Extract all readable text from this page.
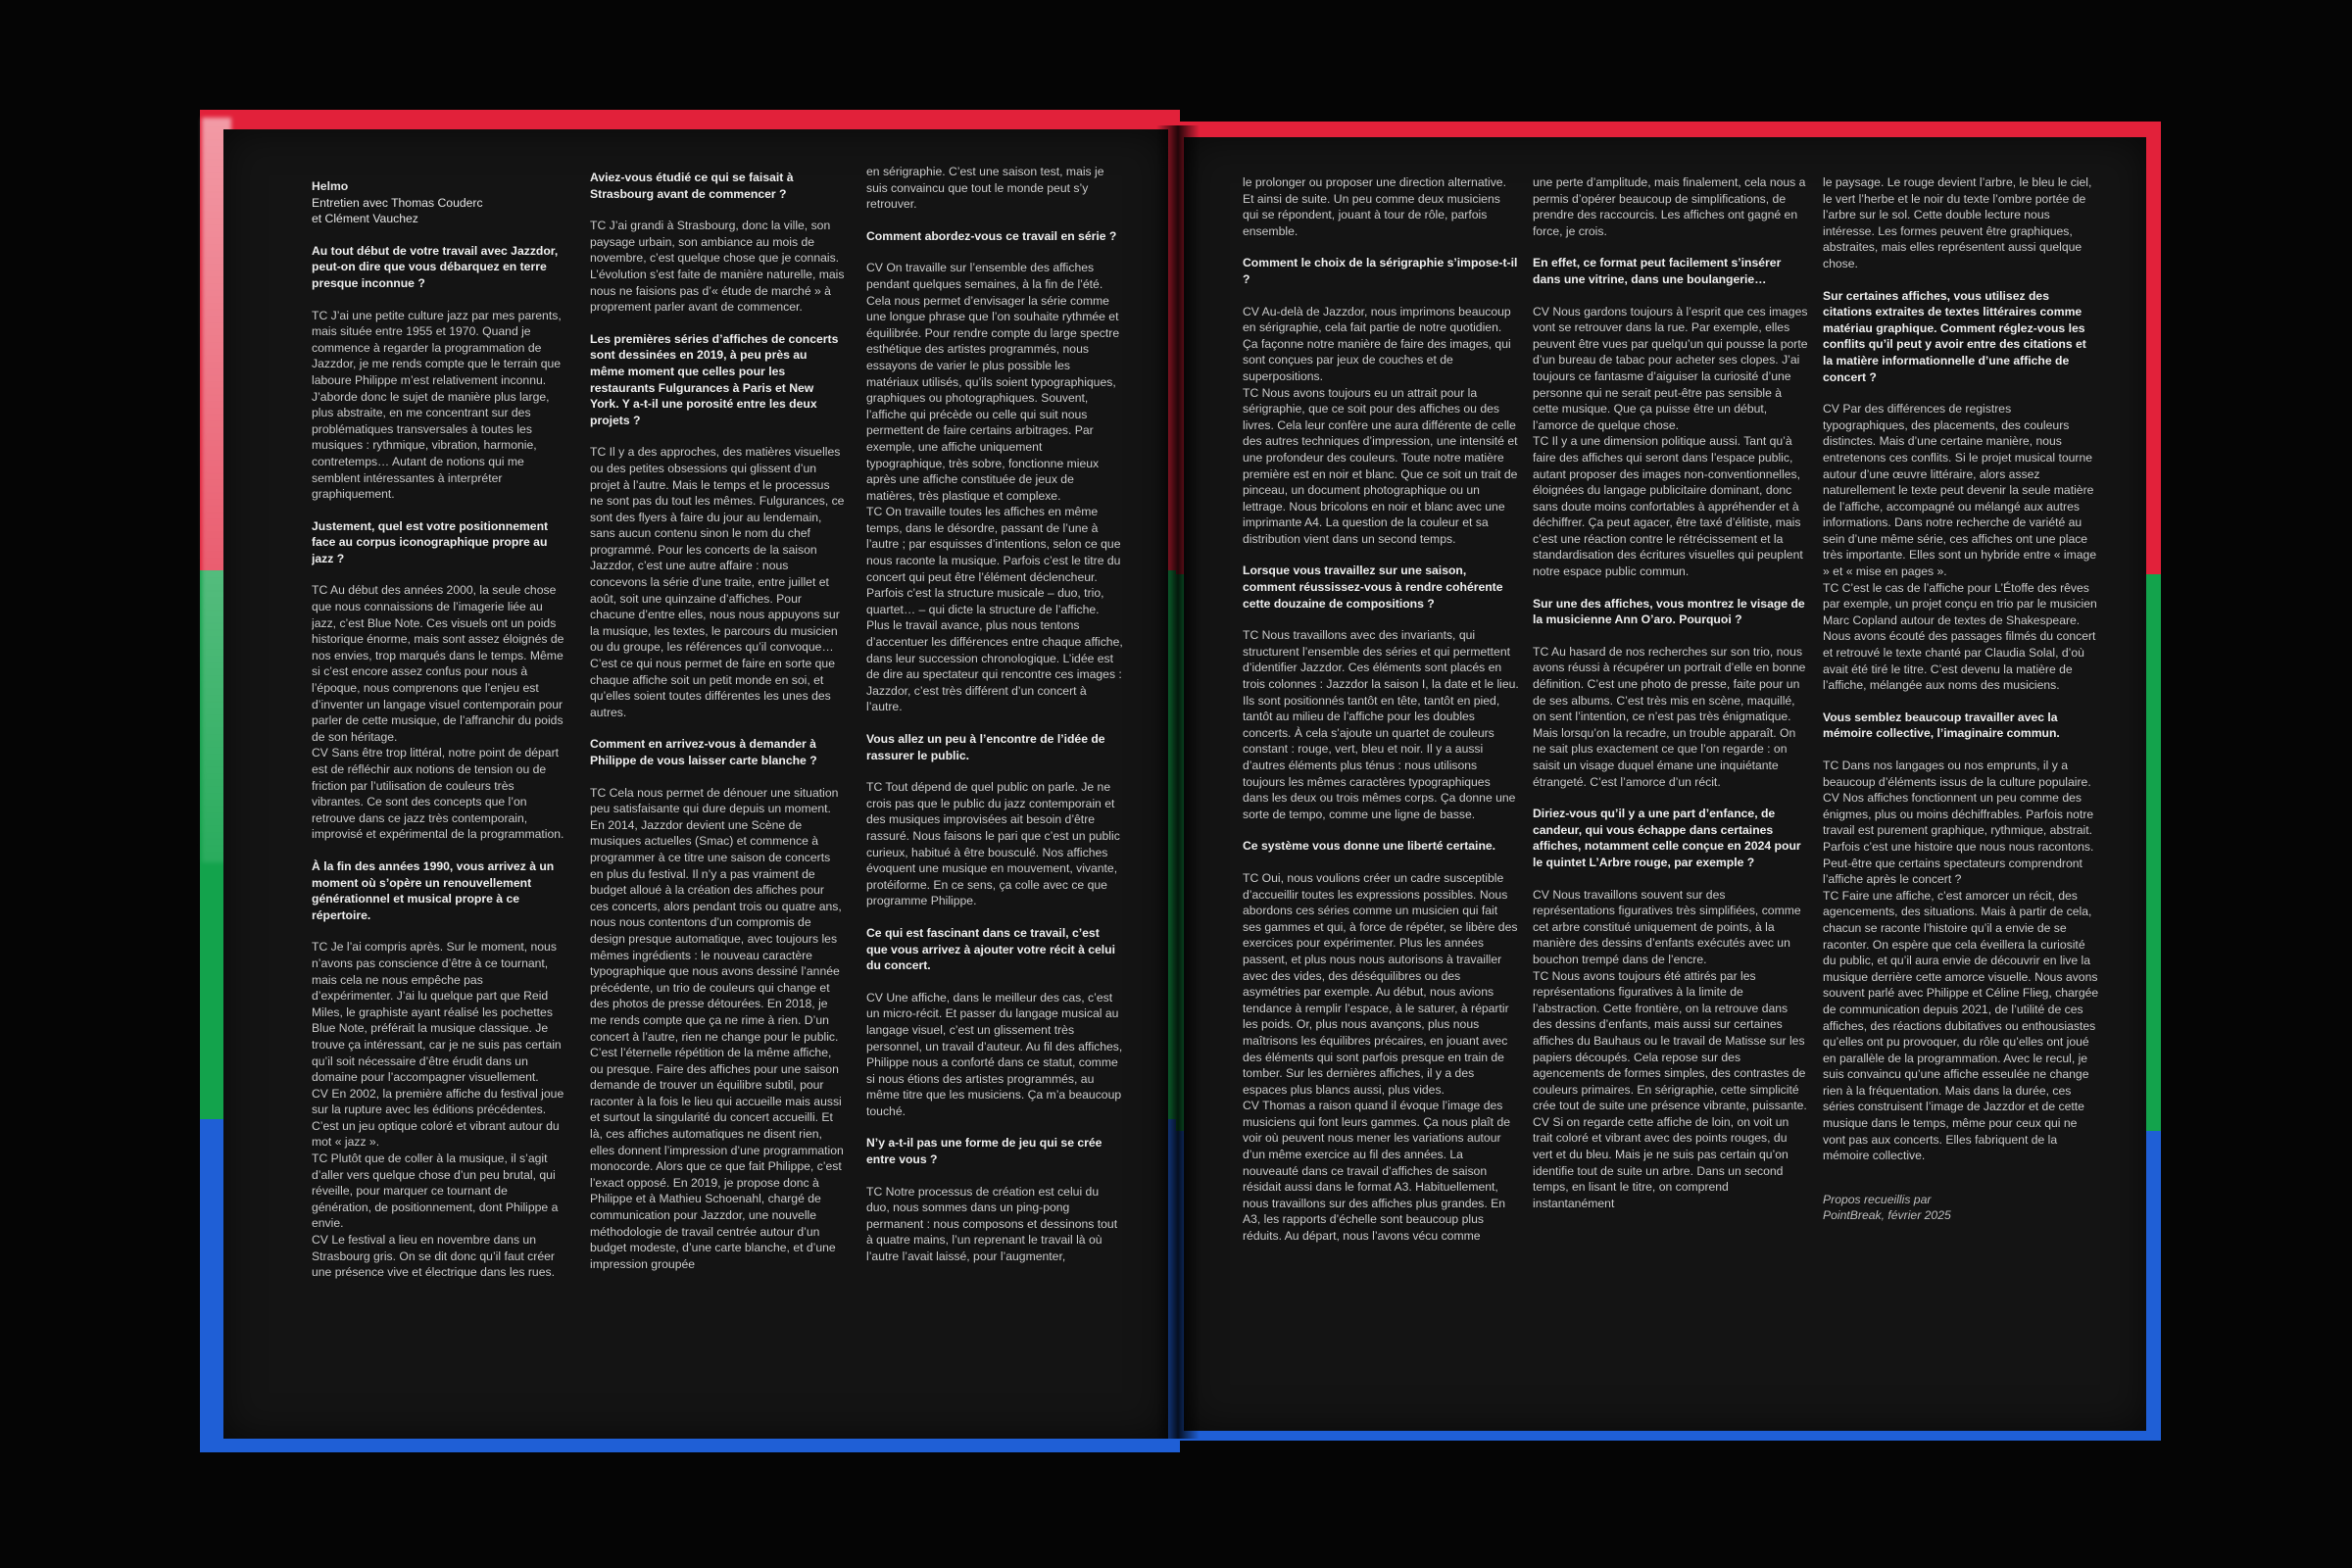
Helmo
Entretien avec Thomas Couderc
et Clément Vauchez

Au tout début de votre travail avec Jazzdor, peut-on dire que vous débarquez en terre presque inconnue ?

TC J’ai une petite culture jazz par mes parents, mais située entre 1955 et 1970. Quand je commence à regarder la programmation de Jazzdor, je me rends compte que le terrain que laboure Philippe m’est relativement inconnu. J’aborde donc le sujet de manière plus large, plus abstraite, en me concentrant sur des problématiques transversales à toutes les musiques : rythmique, vibration, harmonie, contretemps… Autant de notions qui me semblent intéressantes à interpréter graphiquement.

Justement, quel est votre positionnement face au corpus iconographique propre au jazz ?

TC Au début des années 2000, la seule chose que nous connaissions de l’imagerie liée au jazz, c’est Blue Note. Ces visuels ont un poids historique énorme, mais sont assez éloignés de nos envies, trop marqués dans le temps. Même si c’est encore assez confus pour nous à l’époque, nous comprenons que l’enjeu est d’inventer un langage visuel contemporain pour parler de cette musique, de l’affranchir du poids de son héritage.
CV Sans être trop littéral, notre point de départ est de réfléchir aux notions de tension ou de friction par l’utilisation de couleurs très vibrantes. Ce sont des concepts que l’on retrouve dans ce jazz très contemporain, improvisé et expérimental de la programmation.

À la fin des années 1990, vous arrivez à un moment où s’opère un renouvellement générationnel et musical propre à ce répertoire.

TC Je l’ai compris après. Sur le moment, nous n’avons pas conscience d’être à ce tournant, mais cela ne nous empêche pas d’expérimenter. J’ai lu quelque part que Reid Miles, le graphiste ayant réalisé les pochettes Blue Note, préférait la musique classique. Je trouve ça intéressant, car je ne suis pas certain qu’il soit nécessaire d’être érudit dans un domaine pour l’accompagner visuellement.
CV En 2002, la première affiche du festival joue sur la rupture avec les éditions précédentes. C’est un jeu optique coloré et vibrant autour du mot « jazz ».
TC Plutôt que de coller à la musique, il s’agit d’aller vers quelque chose d’un peu brutal, qui réveille, pour marquer ce tournant de génération, de positionnement, dont Philippe a envie.
CV Le festival a lieu en novembre dans un Strasbourg gris. On se dit donc qu’il faut créer une présence vive et électrique dans les rues.

Aviez-vous étudié ce qui se faisait à Strasbourg avant de commencer ?

TC J’ai grandi à Strasbourg, donc la ville, son paysage urbain, son ambiance au mois de novembre, c’est quelque chose que je connais. L’évolution s’est faite de manière naturelle, mais nous ne faisions pas d’« étude de marché » à proprement parler avant de commencer.

Les premières séries d’affiches de concerts sont dessinées en 2019, à peu près au même moment que celles pour les restaurants Fulgurances à Paris et New York. Y a-t-il une porosité entre les deux projets ?

TC Il y a des approches, des matières visuelles ou des petites obsessions qui glissent d’un projet à l’autre. Mais le temps et le processus ne sont pas du tout les mêmes. Fulgurances, ce sont des flyers à faire du jour au lendemain, sans aucun contenu sinon le nom du chef programmé. Pour les concerts de la saison Jazzdor, c’est une autre affaire : nous concevons la série d’une traite, entre juillet et août, soit une quinzaine d’affiches. Pour chacune d’entre elles, nous nous appuyons sur la musique, les textes, le parcours du musicien ou du groupe, les références qu’il convoque… C’est ce qui nous permet de faire en sorte que chaque affiche soit un petit monde en soi, et qu’elles soient toutes différentes les unes des autres.

Comment en arrivez-vous à demander à Philippe de vous laisser carte blanche ?

TC Cela nous permet de dénouer une situation peu satisfaisante qui dure depuis un moment. En 2014, Jazzdor devient une Scène de musiques actuelles (Smac) et commence à programmer à ce titre une saison de concerts en plus du festival. Il n’y a pas vraiment de budget alloué à la création des affiches pour ces concerts, alors pendant trois ou quatre ans, nous nous contentons d’un compromis de design presque automatique, avec toujours les mêmes ingrédients : le nouveau caractère typographique que nous avons dessiné l’année précédente, un trio de couleurs qui change et des photos de presse détourées. En 2018, je me rends compte que ça ne rime à rien. D’un concert à l’autre, rien ne change pour le public. C’est l’éternelle répétition de la même affiche, ou presque. Faire des affiches pour une saison demande de trouver un équilibre subtil, pour raconter à la fois le lieu qui accueille mais aussi et surtout la singularité du concert accueilli. Et là, ces affiches automatiques ne disent rien, elles donnent l’impression d’une programmation monocorde. Alors que ce que fait Philippe, c’est l’exact opposé. En 2019, je propose donc à Philippe et à Mathieu Schoenahl, chargé de communication pour Jazzdor, une nouvelle méthodologie de travail centrée autour d’un budget modeste, d’une carte blanche, et d’une impression groupée

en sérigraphie. C’est une saison test, mais je suis convaincu que tout le monde peut s’y retrouver.

Comment abordez-vous ce travail en série ?

CV On travaille sur l’ensemble des affiches pendant quelques semaines, à la fin de l’été. Cela nous permet d’envisager la série comme une longue phrase que l’on souhaite rythmée et équilibrée. Pour rendre compte du large spectre esthétique des artistes programmés, nous essayons de varier le plus possible les matériaux utilisés, qu’ils soient typographiques, graphiques ou photographiques. Souvent, l’affiche qui précède ou celle qui suit nous permettent de faire certains arbitrages. Par exemple, une affiche uniquement typographique, très sobre, fonctionne mieux après une affiche constituée de jeux de matières, très plastique et complexe.
TC On travaille toutes les affiches en même temps, dans le désordre, passant de l’une à l’autre ; par esquisses d’intentions, selon ce que nous raconte la musique. Parfois c’est le titre du concert qui peut être l’élément déclencheur. Parfois c’est la structure musicale – duo, trio, quartet… – qui dicte la structure de l’affiche. Plus le travail avance, plus nous tentons d’accentuer les différences entre chaque affiche, dans leur succession chronologique. L’idée est de dire au spectateur qui rencontre ces images : Jazzdor, c’est très différent d’un concert à l’autre.

Vous allez un peu à l’encontre de l’idée de rassurer le public.

TC Tout dépend de quel public on parle. Je ne crois pas que le public du jazz contemporain et des musiques improvisées ait besoin d’être rassuré. Nous faisons le pari que c’est un public curieux, habitué à être bousculé. Nos affiches évoquent une musique en mouvement, vivante, protéiforme. En ce sens, ça colle avec ce que programme Philippe.

Ce qui est fascinant dans ce travail, c’est que vous arrivez à ajouter votre récit à celui du concert.

CV Une affiche, dans le meilleur des cas, c’est un micro-récit. Et passer du langage musical au langage visuel, c’est un glissement très personnel, un travail d’auteur. Au fil des affiches, Philippe nous a conforté dans ce statut, comme si nous étions des artistes programmés, au même titre que les musiciens. Ça m’a beaucoup touché.

N’y a-t-il pas une forme de jeu qui se crée entre vous ?

TC Notre processus de création est celui du duo, nous sommes dans un ping-pong permanent : nous composons et dessinons tout à quatre mains, l’un reprenant le travail là où l’autre l’avait laissé, pour l’augmenter,

le prolonger ou proposer une direction alternative. Et ainsi de suite. Un peu comme deux musiciens qui se répondent, jouant à tour de rôle, parfois ensemble.

Comment le choix de la sérigraphie s’impose-t-il ?

CV Au-delà de Jazzdor, nous imprimons beaucoup en sérigraphie, cela fait partie de notre quotidien. Ça façonne notre manière de faire des images, qui sont conçues par jeux de couches et de superpositions.
TC Nous avons toujours eu un attrait pour la sérigraphie, que ce soit pour des affiches ou des livres. Cela leur confère une aura différente de celle des autres techniques d’impression, une intensité et une profondeur des couleurs. Toute notre matière première est en noir et blanc. Que ce soit un trait de pinceau, un document photographique ou un lettrage. Nous bricolons en noir et blanc avec une imprimante A4. La question de la couleur et sa distribution vient dans un second temps.

Lorsque vous travaillez sur une saison, comment réussissez-vous à rendre cohérente cette douzaine de compositions ?

TC Nous travaillons avec des invariants, qui structurent l’ensemble des séries et qui permettent d’identifier Jazzdor. Ces éléments sont placés en trois colonnes : Jazzdor la saison I, la date et le lieu. Ils sont positionnés tantôt en tête, tantôt en pied, tantôt au milieu de l’affiche pour les doubles concerts. À cela s’ajoute un quartet de couleurs constant : rouge, vert, bleu et noir. Il y a aussi d’autres éléments plus ténus : nous utilisons toujours les mêmes caractères typographiques dans les deux ou trois mêmes corps. Ça donne une sorte de tempo, comme une ligne de basse.

Ce système vous donne une liberté certaine.

TC Oui, nous voulions créer un cadre susceptible d’accueillir toutes les expressions possibles. Nous abordons ces séries comme un musicien qui fait ses gammes et qui, à force de répéter, se libère des exercices pour expérimenter. Plus les années passent, et plus nous nous autorisons à travailler avec des vides, des déséquilibres ou des asymétries par exemple. Au début, nous avions tendance à remplir l’espace, à le saturer, à répartir les poids. Or, plus nous avançons, plus nous maîtrisons les équilibres précaires, en jouant avec des éléments qui sont parfois presque en train de tomber. Sur les dernières affiches, il y a des espaces plus blancs aussi, plus vides.
CV Thomas a raison quand il évoque l’image des musiciens qui font leurs gammes. Ça nous plaît de voir où peuvent nous mener les variations autour d’un même exercice au fil des années. La nouveauté dans ce travail d’affiches de saison résidait aussi dans le format A3. Habituellement, nous travaillons sur des affiches plus grandes. En A3, les rapports d’échelle sont beaucoup plus réduits. Au départ, nous l’avons vécu comme

une perte d’amplitude, mais finalement, cela nous a permis d’opérer beaucoup de simplifications, de prendre des raccourcis. Les affiches ont gagné en force, je crois.

En effet, ce format peut facilement s’insérer dans une vitrine, dans une boulangerie…

CV Nous gardons toujours à l’esprit que ces images vont se retrouver dans la rue. Par exemple, elles peuvent être vues par quelqu’un qui pousse la porte d’un bureau de tabac pour acheter ses clopes. J’ai toujours ce fantasme d’aiguiser la curiosité d’une personne qui ne serait peut-être pas sensible à cette musique. Que ça puisse être un début, l’amorce de quelque chose.
TC Il y a une dimension politique aussi. Tant qu’à faire des affiches qui seront dans l’espace public, autant proposer des images non-conventionnelles, éloignées du langage publicitaire dominant, donc sans doute moins confortables à appréhender et à déchiffrer. Ça peut agacer, être taxé d’élitiste, mais c’est une réaction contre le rétrécissement et la standardisation des écritures visuelles qui peuplent notre espace public commun.

Sur une des affiches, vous montrez le visage de la musicienne Ann O’aro. Pourquoi ?

TC Au hasard de nos recherches sur son trio, nous avons réussi à récupérer un portrait d’elle en bonne définition. C’est une photo de presse, faite pour un de ses albums. C’est très mis en scène, maquillé, on sent l’intention, ce n’est pas très énigmatique. Mais lorsqu’on la recadre, un trouble apparaît. On ne sait plus exactement ce que l’on regarde : on saisit un visage duquel émane une inquiétante étrangeté. C’est l’amorce d’un récit.

Diriez-vous qu’il y a une part d’enfance, de candeur, qui vous échappe dans certaines affiches, notamment celle conçue en 2024 pour le quintet L’Arbre rouge, par exemple ?

CV Nous travaillons souvent sur des représentations figuratives très simplifiées, comme cet arbre constitué uniquement de points, à la manière des dessins d’enfants exécutés avec un bouchon trempé dans de l’encre.
TC Nous avons toujours été attirés par les représentations figuratives à la limite de l’abstraction. Cette frontière, on la retrouve dans des dessins d’enfants, mais aussi sur certaines affiches du Bauhaus ou le travail de Matisse sur les papiers découpés. Cela repose sur des agencements de formes simples, des contrastes de couleurs primaires. En sérigraphie, cette simplicité crée tout de suite une présence vibrante, puissante.
CV Si on regarde cette affiche de loin, on voit un trait coloré et vibrant avec des points rouges, du vert et du bleu. Mais je ne suis pas certain qu’on identifie tout de suite un arbre. Dans un second temps, en lisant le titre, on comprend instantanément

le paysage. Le rouge devient l’arbre, le bleu le ciel, le vert l’herbe et le noir du texte l’ombre portée de l’arbre sur le sol. Cette double lecture nous intéresse. Les formes peuvent être graphiques, abstraites, mais elles représentent aussi quelque chose.

Sur certaines affiches, vous utilisez des citations extraites de textes littéraires comme matériau graphique. Comment réglez-vous les conflits qu’il peut y avoir entre des citations et la matière informationnelle d’une affiche de concert ?

CV Par des différences de registres typographiques, des placements, des couleurs distinctes. Mais d’une certaine manière, nous entretenons ces conflits. Si le projet musical tourne autour d’une œuvre littéraire, alors assez naturellement le texte peut devenir la seule matière de l’affiche, accompagné ou mélangé aux autres informations. Dans notre recherche de variété au sein d’une même série, ces affiches ont une place très importante. Elles sont un hybride entre « image » et « mise en pages ».
TC C’est le cas de l’affiche pour L’Étoffe des rêves par exemple, un projet conçu en trio par le musicien Marc Copland autour de textes de Shakespeare. Nous avons écouté des passages filmés du concert et retrouvé le texte chanté par Claudia Solal, d’où avait été tiré le titre. C’est devenu la matière de l’affiche, mélangée aux noms des musiciens.

Vous semblez beaucoup travailler avec la mémoire collective, l’imaginaire commun.

TC Dans nos langages ou nos emprunts, il y a beaucoup d’éléments issus de la culture populaire.
CV Nos affiches fonctionnent un peu comme des énigmes, plus ou moins déchiffrables. Parfois notre travail est purement graphique, rythmique, abstrait. Parfois c’est une histoire que nous nous racontons. Peut-être que certains spectateurs comprendront l’affiche après le concert ?
TC Faire une affiche, c’est amorcer un récit, des agencements, des situations. Mais à partir de cela, chacun se raconte l’histoire qu’il a envie de se raconter. On espère que cela éveillera la curiosité du public, et qu’il aura envie de découvrir en live la musique derrière cette amorce visuelle. Nous avons souvent parlé avec Philippe et Céline Flieg, chargée de communication depuis 2021, de l’utilité de ces affiches, des réactions dubitatives ou enthousiastes qu’elles ont pu provoquer, du rôle qu’elles ont joué en parallèle de la programmation. Avec le recul, je suis convaincu qu’une affiche esseulée ne change rien à la fréquentation. Mais dans la durée, ces séries construisent l’image de Jazzdor et de cette musique dans le temps, même pour ceux qui ne vont pas aux concerts. Elles fabriquent de la mémoire collective.

Propos recueillis par
PointBreak, février 2025
